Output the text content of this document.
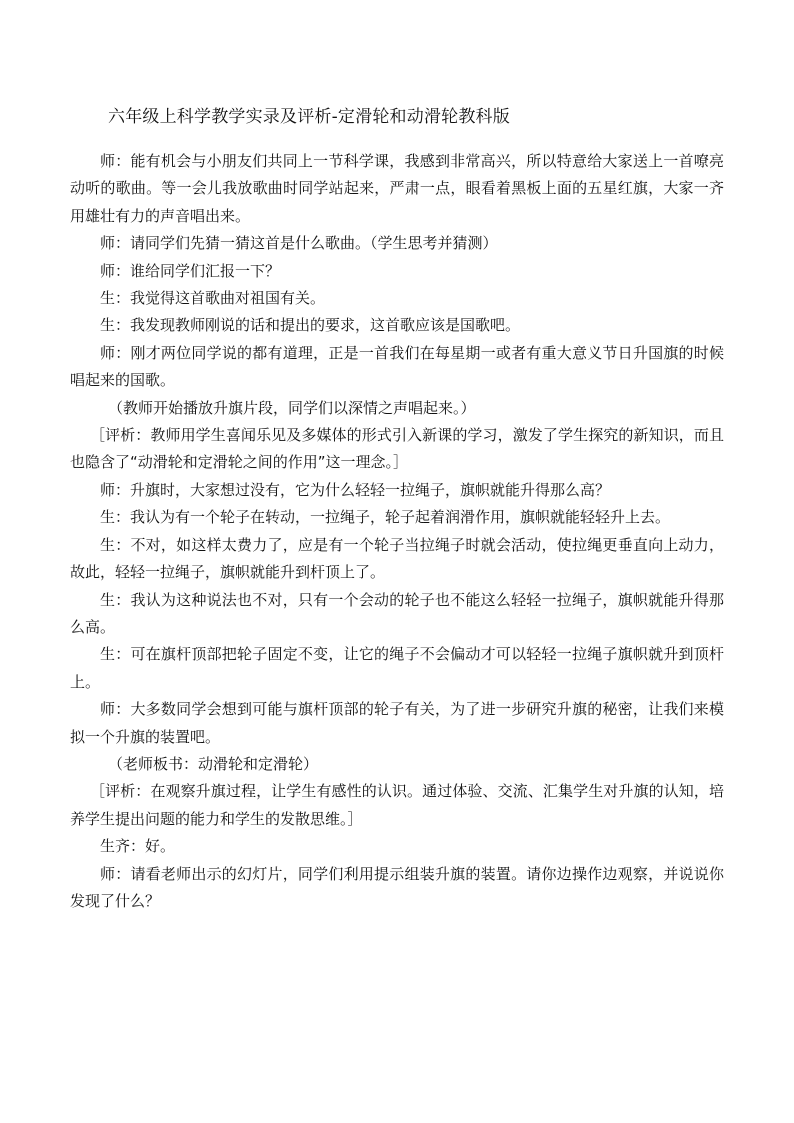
六年级上科学教学实录及评析-定滑轮和动滑轮教科版

师：能有机会与小朋友们共同上一节科学课，我感到非常高兴，所以特意给大家送上一首嘹亮动听的歌曲。等一会儿我放歌曲时同学站起来，严肃一点，眼看着黑板上面的五星红旗，大家一齐用雄壮有力的声音唱出来。

师：请同学们先猜一猜这首是什么歌曲。（学生思考并猜测）

师：谁给同学们汇报一下？

生：我觉得这首歌曲对祖国有关。

生：我发现教师刚说的话和提出的要求，这首歌应该是国歌吧。

师：刚才两位同学说的都有道理，正是一首我们在每星期一或者有重大意义节日升国旗的时候唱起来的国歌。

（教师开始播放升旗片段，同学们以深情之声唱起来。）

［评析：教师用学生喜闻乐见及多媒体的形式引入新课的学习，激发了学生探究的新知识，而且也隐含了“动滑轮和定滑轮之间的作用”这一理念。］

师：升旗时，大家想过没有，它为什么轻轻一拉绳子，旗帜就能升得那么高？

生：我认为有一个轮子在转动，一拉绳子，轮子起着润滑作用，旗帜就能轻轻升上去。

生：不对，如这样太费力了，应是有一个轮子当拉绳子时就会活动，使拉绳更垂直向上动力，故此，轻轻一拉绳子，旗帜就能升到杆顶上了。

生：我认为这种说法也不对，只有一个会动的轮子也不能这么轻轻一拉绳子，旗帜就能升得那么高。

生：可在旗杆顶部把轮子固定不变，让它的绳子不会偏动才可以轻轻一拉绳子旗帜就升到顶杆上。

师：大多数同学会想到可能与旗杆顶部的轮子有关，为了进一步研究升旗的秘密，让我们来模拟一个升旗的装置吧。

（老师板书：动滑轮和定滑轮）

［评析：在观察升旗过程，让学生有感性的认识。通过体验、交流、汇集学生对升旗的认知，培养学生提出问题的能力和学生的发散思维。］

生齐：好。

师：请看老师出示的幻灯片，同学们利用提示组装升旗的装置。请你边操作边观察，并说说你发现了什么？
